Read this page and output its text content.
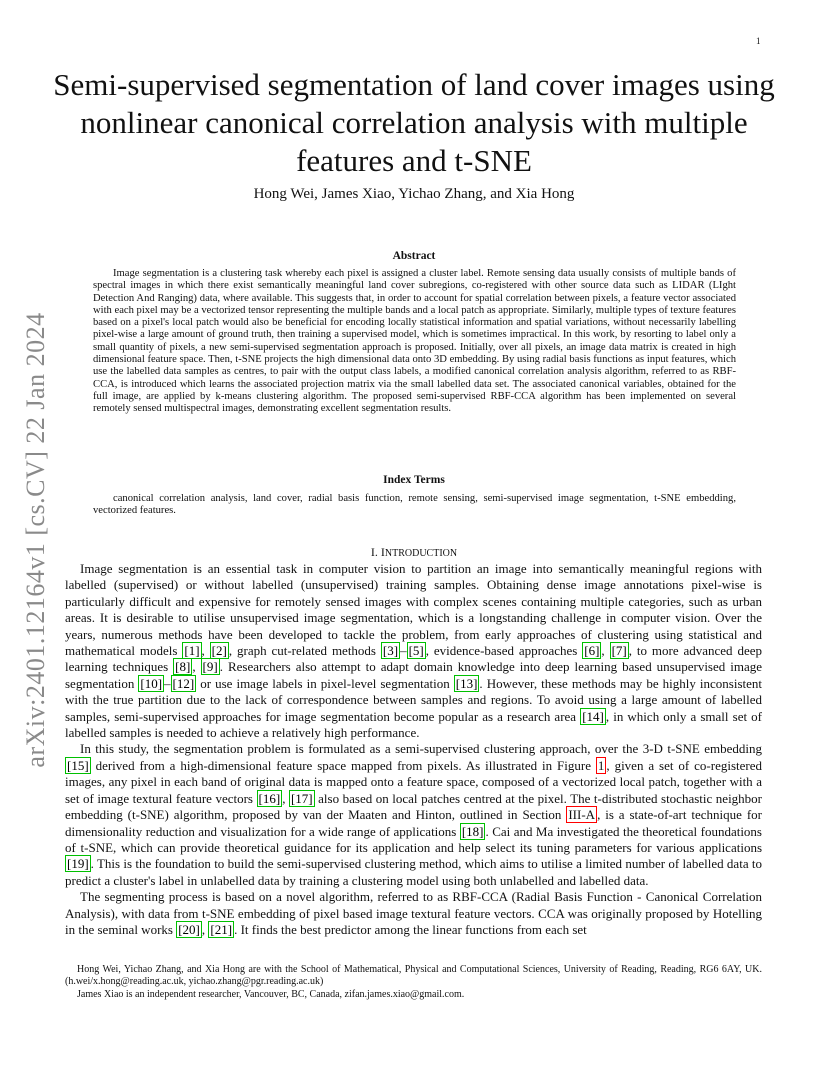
1
arXiv:2401.12164v1 [cs.CV] 22 Jan 2024
Semi-supervised segmentation of land cover images using nonlinear canonical correlation analysis with multiple features and t-SNE
Hong Wei, James Xiao, Yichao Zhang, and Xia Hong
Abstract
Image segmentation is a clustering task whereby each pixel is assigned a cluster label. Remote sensing data usually consists of multiple bands of spectral images in which there exist semantically meaningful land cover subregions, co-registered with other source data such as LIDAR (LIght Detection And Ranging) data, where available. This suggests that, in order to account for spatial correlation between pixels, a feature vector associated with each pixel may be a vectorized tensor representing the multiple bands and a local patch as appropriate. Similarly, multiple types of texture features based on a pixel's local patch would also be beneficial for encoding locally statistical information and spatial variations, without necessarily labelling pixel-wise a large amount of ground truth, then training a supervised model, which is sometimes impractical. In this work, by resorting to label only a small quantity of pixels, a new semi-supervised segmentation approach is proposed. Initially, over all pixels, an image data matrix is created in high dimensional feature space. Then, t-SNE projects the high dimensional data onto 3D embedding. By using radial basis functions as input features, which use the labelled data samples as centres, to pair with the output class labels, a modified canonical correlation analysis algorithm, referred to as RBF-CCA, is introduced which learns the associated projection matrix via the small labelled data set. The associated canonical variables, obtained for the full image, are applied by k-means clustering algorithm. The proposed semi-supervised RBF-CCA algorithm has been implemented on several remotely sensed multispectral images, demonstrating excellent segmentation results.
Index Terms
canonical correlation analysis, land cover, radial basis function, remote sensing, semi-supervised image segmentation, t-SNE embedding, vectorized features.
I. INTRODUCTION

Image segmentation is an essential task in computer vision to partition an image into semantically meaningful regions with labelled (supervised) or without labelled (unsupervised) training samples. Obtaining dense image annotations pixel-wise is particularly difficult and expensive for remotely sensed images with complex scenes containing multiple categories, such as urban areas. It is desirable to utilise unsupervised image segmentation, which is a longstanding challenge in computer vision. Over the years, numerous methods have been developed to tackle the problem, from early approaches of clustering using statistical and mathematical models [1] , [2] , graph cut-related methods [3] – [5] , evidence-based approaches [6] , [7] , to more advanced deep learning techniques [8] , [9] . Researchers also attempt to adapt domain knowledge into deep learning based unsupervised image segmentation [10] – [12] or use image labels in pixel-level segmentation [13] . However, these methods may be highly inconsistent with the true partition due to the lack of correspondence between samples and regions. To avoid using a large amount of labelled samples, semi-supervised approaches for image segmentation become popular as a research area [14] , in which only a small set of labelled samples is needed to achieve a relatively high performance.

In this study, the segmentation problem is formulated as a semi-supervised clustering approach, over the 3-D t-SNE embedding [15] derived from a high-dimensional feature space mapped from pixels. As illustrated in Figure 1 , given a set of co-registered images, any pixel in each band of original data is mapped onto a feature space, composed of a vectorized local patch, together with a set of image textural feature vectors [16] , [17] also based on local patches centred at the pixel. The t-distributed stochastic neighbor embedding (t-SNE) algorithm, proposed by van der Maaten and Hinton, outlined in Section III-A , is a state-of-art technique for dimensionality reduction and visualization for a wide range of applications [18] . Cai and Ma investigated the theoretical foundations of t-SNE, which can provide theoretical guidance for its application and help select its tuning parameters for various applications [19] . This is the foundation to build the semi-supervised clustering method, which aims to utilise a limited number of labelled data to predict a cluster's label in unlabelled data by training a clustering model using both unlabelled and labelled data.

The segmenting process is based on a novel algorithm, referred to as RBF-CCA (Radial Basis Function - Canonical Correlation Analysis), with data from t-SNE embedding of pixel based image textural feature vectors. CCA was originally proposed by Hotelling in the seminal works [20] , [21] . It finds the best predictor among the linear functions from each set

Hong Wei, Yichao Zhang, and Xia Hong are with the School of Mathematical, Physical and Computational Sciences, University of Reading, Reading, RG6 6AY, UK. (h.wei/x.hong@reading.ac.uk, yichao.zhang@pgr.reading.ac.uk)

James Xiao is an independent researcher, Vancouver, BC, Canada, zifan.james.xiao@gmail.com.
